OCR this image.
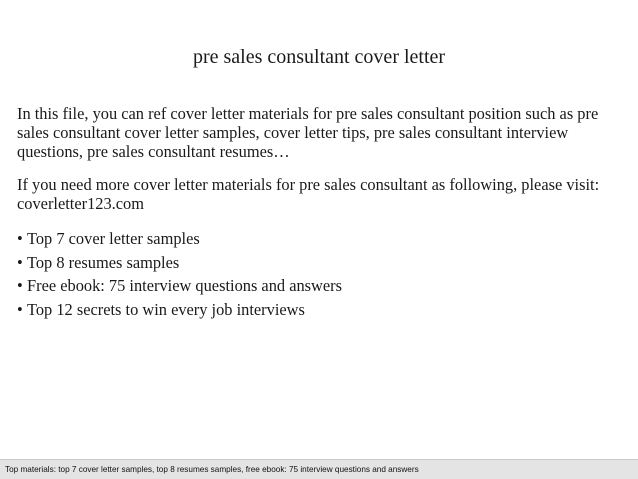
pre sales consultant cover letter

In this file, you can ref cover letter materials for pre sales consultant position such as pre sales consultant cover letter samples, cover letter tips, pre sales consultant interview questions, pre sales consultant resumes…

If you need more cover letter materials for pre sales consultant as following, please visit: coverletter123.com

• Top 7 cover letter samples
• Top 8 resumes samples
• Free ebook: 75 interview questions and answers
• Top 12 secrets to win every job interviews
Top materials: top 7 cover letter samples, top 8 resumes samples, free ebook: 75 interview questions and answers
